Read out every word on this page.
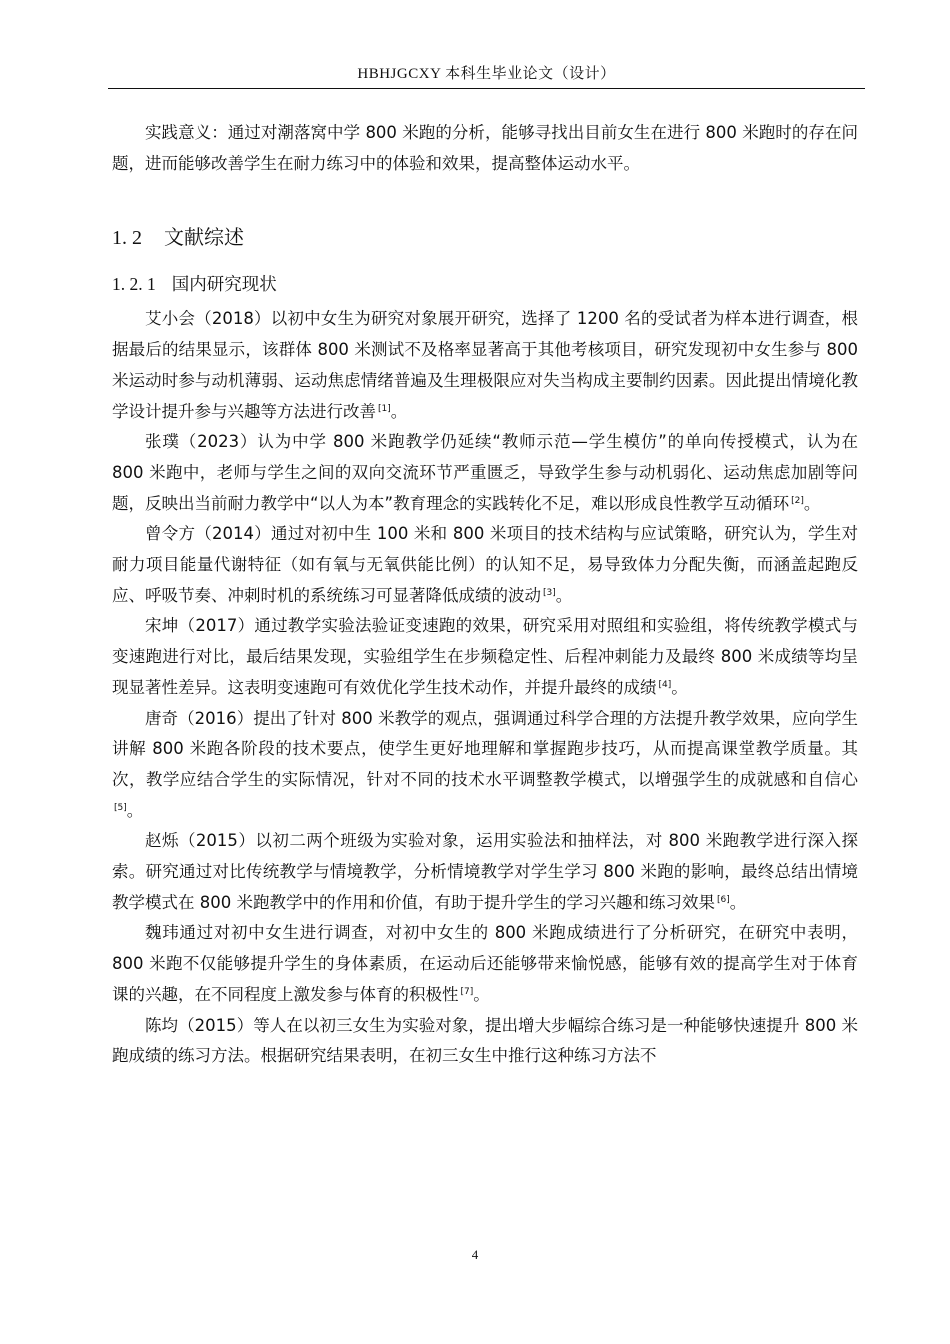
HBHJGCXY 本科生毕业论文（设计）

实践意义：通过对潮落窝中学 800 米跑的分析，能够寻找出目前女生在进行 800 米跑时的存在问题，进而能够改善学生在耐力练习中的体验和效果，提高整体运动水平。

1. 2 文献综述
1. 2. 1 国内研究现状

艾小会（2018）以初中女生为研究对象展开研究，选择了 1200 名的受试者为样本进行调查，根据最后的结果显示，该群体 800 米测试不及格率显著高于其他考核项目，研究发现初中女生参与 800 米运动时参与动机薄弱、运动焦虑情绪普遍及生理极限应对失当构成主要制约因素。因此提出情境化教学设计提升参与兴趣等方法进行改善 [1]。

张璞（2023）认为中学 800 米跑教学仍延续“教师示范—学生模仿”的单向传授模式，认为在 800 米跑中，老师与学生之间的双向交流环节严重匮乏，导致学生参与动机弱化、运动焦虑加剧等问题，反映出当前耐力教学中“以人为本”教育理念的实践转化不足，难以形成良性教学互动循环 [2]。

曾令方（2014）通过对初中生 100 米和 800 米项目的技术结构与应试策略，研究认为，学生对耐力项目能量代谢特征（如有氧与无氧供能比例）的认知不足，易导致体力分配失衡，而涵盖起跑反应、呼吸节奏、冲刺时机的系统练习可显著降低成绩的波动 [3]。

宋坤（2017）通过教学实验法验证变速跑的效果，研究采用对照组和实验组，将传统教学模式与变速跑进行对比，最后结果发现，实验组学生在步频稳定性、后程冲刺能力及最终 800 米成绩等均呈现显著性差异。这表明变速跑可有效优化学生技术动作，并提升最终的成绩 [4]。

唐奇（2016）提出了针对 800 米教学的观点，强调通过科学合理的方法提升教学效果，应向学生讲解 800 米跑各阶段的技术要点，使学生更好地理解和掌握跑步技巧，从而提高课堂教学质量。其次，教学应结合学生的实际情况，针对不同的技术水平调整教学模式，以增强学生的成就感和自信心[5]。

赵烁（2015）以初二两个班级为实验对象，运用实验法和抽样法，对 800 米跑教学进行深入探索。研究通过对比传统教学与情境教学，分析情境教学对学生学习 800 米跑的影响，最终总结出情境教学模式在 800 米跑教学中的作用和价值，有助于提升学生的学习兴趣和练习效果 [6]。

魏玮通过对初中女生进行调查，对初中女生的 800 米跑成绩进行了分析研究，在研究中表明，800 米跑不仅能够提升学生的身体素质，在运动后还能够带来愉悦感，能够有效的提高学生对于体育课的兴趣，在不同程度上激发参与体育的积极性 [7]。

陈均（2015）等人在以初三女生为实验对象，提出增大步幅综合练习是一种能够快速提升 800 米跑成绩的练习方法。根据研究结果表明，在初三女生中推行这种练习方法不

4
